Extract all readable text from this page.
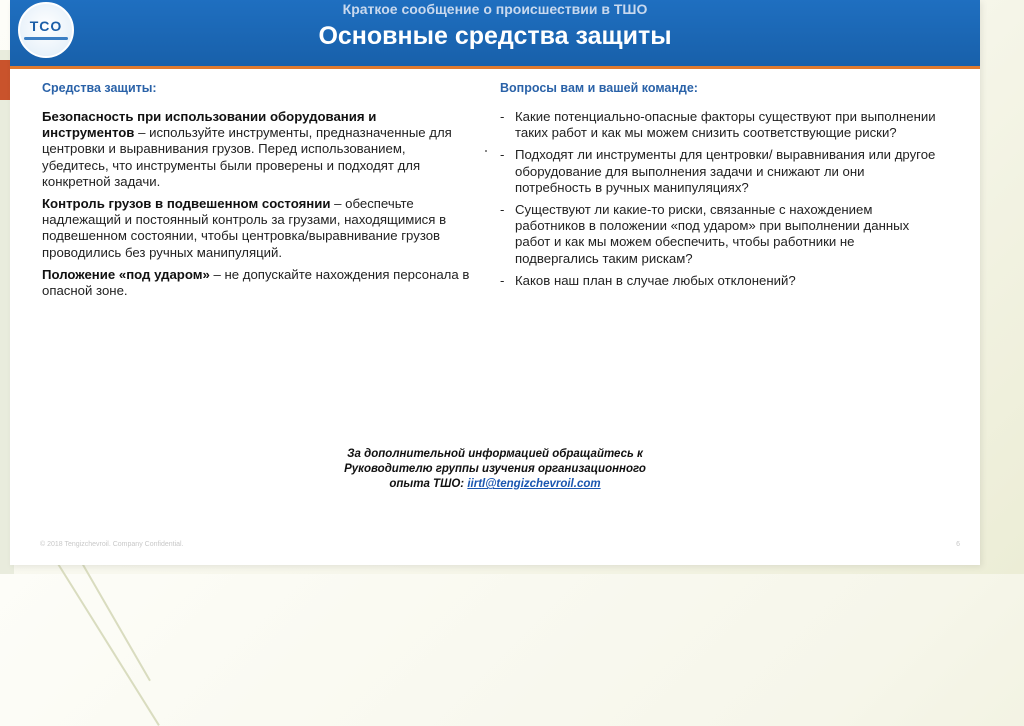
TCO
Краткое сообщение о происшествии в ТШО
Основные средства защиты
Средства защиты:	Вопросы вам и вашей команде:

Безопасность при использовании оборудования и инструментов – используйте инструменты, предназначенные для центровки и выравнивания грузов. Перед использованием, убедитесь, что инструменты были проверены и подходят для конкретной задачи.

Контроль грузов в подвешенном состоянии – обеспечьте надлежащий и постоянный контроль за грузами, находящимися в подвешенном состоянии, чтобы центровка/выравнивание грузов проводились без ручных манипуляций.

Положение «под ударом» – не допускайте нахождения персонала в опасной зоне.

- Какие потенциально-опасные факторы существуют при выполнении таких работ и как мы можем снизить соответствующие риски?
- Подходят ли инструменты для центровки/ выравнивания или другое оборудование для выполнения задачи и снижают ли они потребность в ручных манипуляциях?
- Существуют ли какие-то риски, связанные с нахождением работников в положении «под ударом» при выполнении данных работ и как мы можем обеспечить, чтобы работники не подвергались таким рискам?
- Каков наш план в случае любых отклонений?
За дополнительной информацией обращайтесь к
Руководителю группы изучения организационного
опыта ТШО: iirtl@tengizchevroil.com
© 2018 Tengizchevroil. Company Confidential.	6
